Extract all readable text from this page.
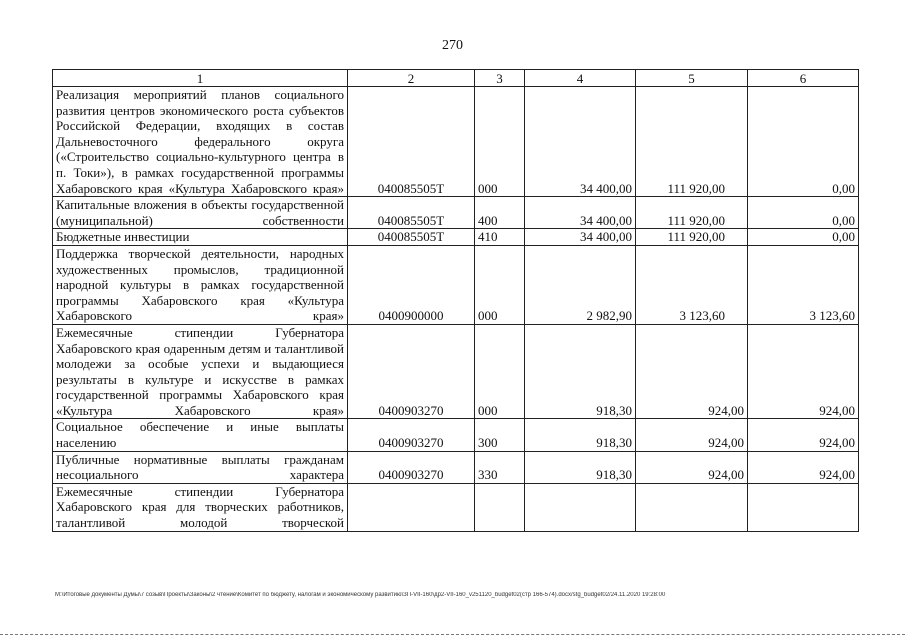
270
1	2	3	4	5	6
Реализация мероприятий планов социального развития центров экономического роста субъектов Российской Федерации, входящих в состав Дальневосточного федерального округа («Строительство социально-культурного центра в п. Токи»), в рамках государственной программы Хабаровского края «Культура Хабаровского края»	040085505Т	000	34 400,00	111 920,00	0,00
Капитальные вложения в объекты государственной (муниципальной) собственности	040085505Т	400	34 400,00	111 920,00	0,00
Бюджетные инвестиции	040085505Т	410	34 400,00	111 920,00	0,00
Поддержка творческой деятельности, народных художественных промыслов, традиционной народной культуры в рамках государственной программы Хабаровского края «Культура Хабаровского края»	0400900000	000	2 982,90	3 123,60	3 123,60
Ежемесячные стипендии Губернатора Хабаровского края одаренным детям и талантливой молодежи за особые успехи и выдающиеся результаты в культуре и искусстве в рамках государственной программы Хабаровского края «Культура Хабаровского края»	0400903270	000	918,30	924,00	924,00
Социальное обеспечение и иные выплаты населению	0400903270	300	918,30	924,00	924,00
Публичные нормативные выплаты гражданам несоциального характера	0400903270	330	918,30	924,00	924,00
Ежемесячные стипендии Губернатора Хабаровского края для творческих работников, талантливой молодой творческой					
M:\Итоговые документы Думы\7 созыв\Проекты\Законы\2 чтение\Комитет по бюджету, налогам и экономическому развитию\ЗП-VII-160\др2-VII-160_v251120_budget02(стр 166-574).docx/stg_budget02/24.11.2020 19:28:00
